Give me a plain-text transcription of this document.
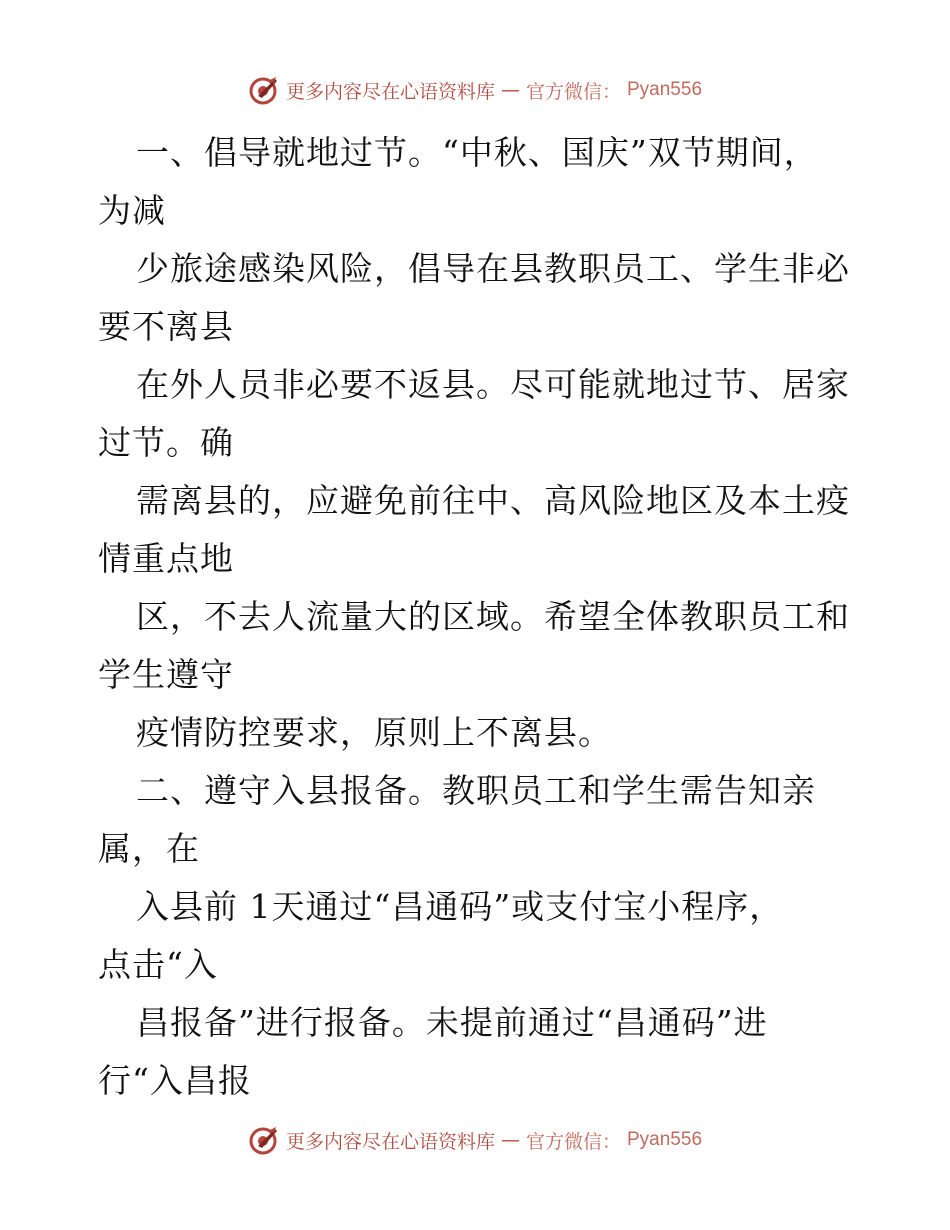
更多内容尽在心语资料库 — 官方微信： Pyan556
一、倡导就地过节。“中秋、国庆”双节期间，
为减
少旅途感染风险，倡导在县教职员工、学生非必
要不离县
在外人员非必要不返县。尽可能就地过节、居家
过节。确
需离县的，应避免前往中、高风险地区及本土疫
情重点地
区，不去人流量大的区域。希望全体教职员工和
学生遵守
疫情防控要求，原则上不离县。
二、遵守入县报备。教职员工和学生需告知亲
属，在
入县前 1天通过“昌通码”或支付宝小程序，
点击“入
昌报备”进行报备。未提前通过“昌通码”进
行“入昌报
更多内容尽在心语资料库 — 官方微信： Pyan556
